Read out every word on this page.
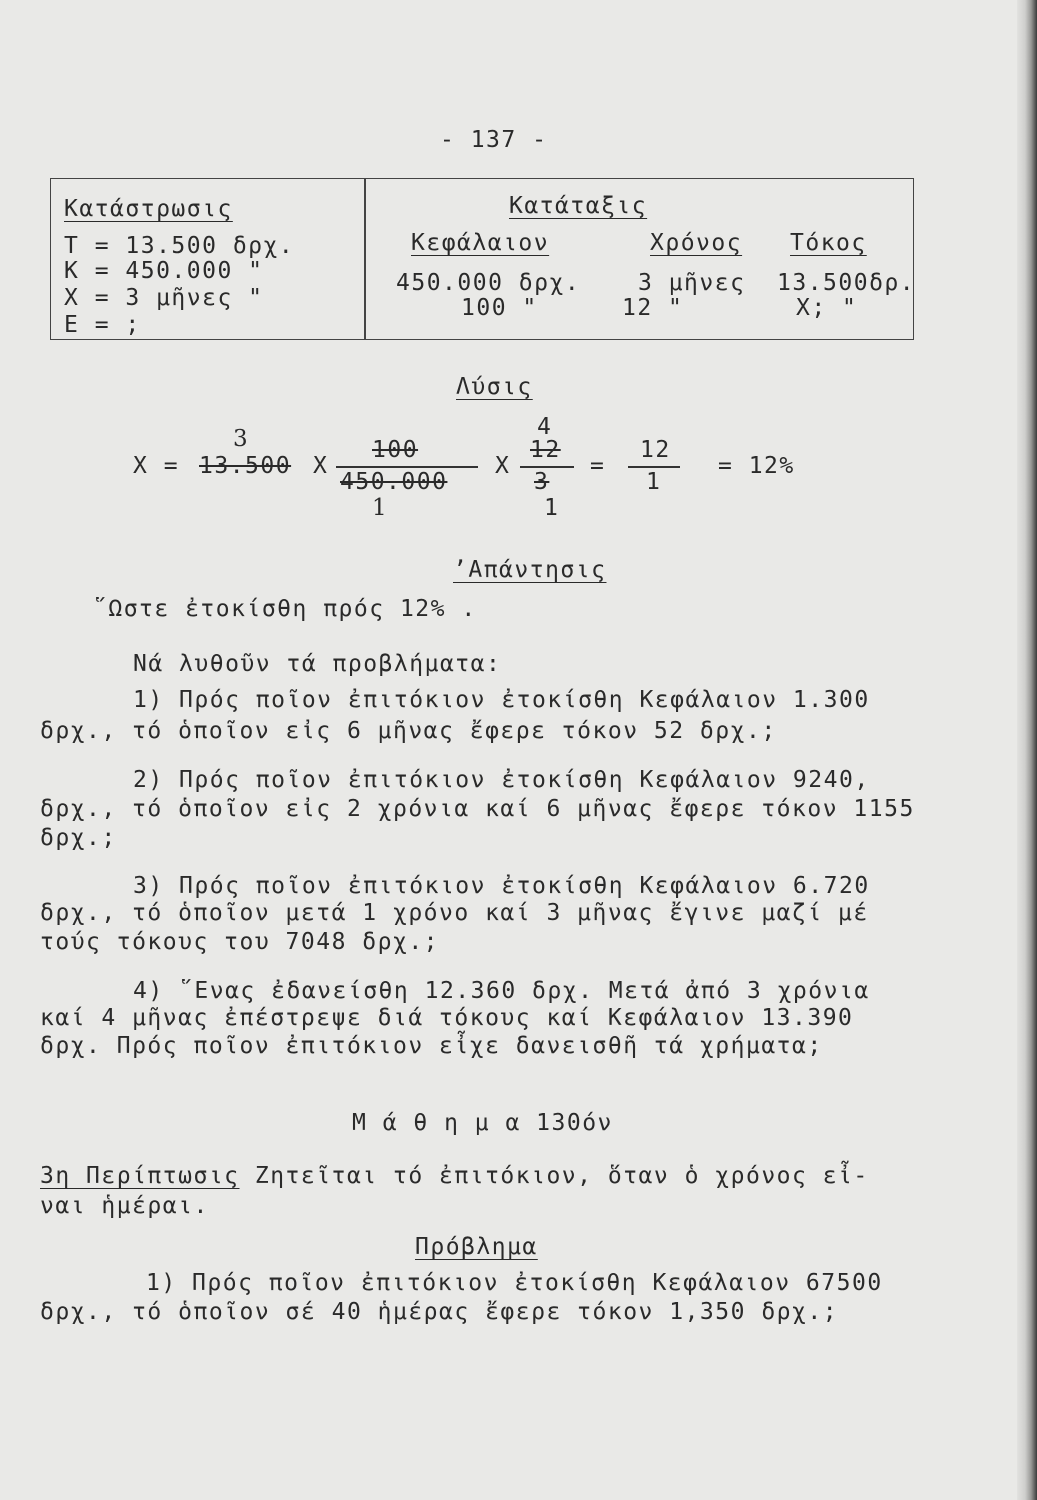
- 137 -
Κατάστρωσις
T = 13.500 δρχ.
K = 450.000 "
X = 3 μῆνες "
E = ;
Κατάταξις
Κεφάλαιον	Χρόνος Τόκος
450.000 δρχ.	3 μῆνες 13.500δρ.
100 "	12 "	X; "
Λύσις
X =
3
13.500 X
100
450.000
1
X
4
12
3
1
=
12
1
= 12%
ʼΑπάντησις
῞Ωστε ἐτοκίσθη πρός 12% .
Νά λυθοῦν τά προβλήματα:
1) Πρός ποῖον ἐπιτόκιον ἐτοκίσθη Κεφάλαιον 1.300
δρχ., τό ὁποῖον εἰς 6 μῆνας ἔφερε τόκον 52 δρχ.;
2) Πρός ποῖον ἐπιτόκιον ἐτοκίσθη Κεφάλαιον 9240,
δρχ., τό ὁποῖον εἰς 2 χρόνια καί 6 μῆνας ἔφερε τόκον 1155
δρχ.;
3) Πρός ποῖον ἐπιτόκιον ἐτοκίσθη Κεφάλαιον 6.720
δρχ., τό ὁποῖον μετά 1 χρόνο καί 3 μῆνας ἔγινε μαζί μέ
τούς τόκους του 7048 δρχ.;
4) ῞Ενας ἐδανείσθη 12.360 δρχ. Μετά ἀπό 3 χρόνια
καί 4 μῆνας ἐπέστρεψε διά τόκους καί Κεφάλαιον 13.390
δρχ. Πρός ποῖον ἐπιτόκιον εἶχε δανεισθῆ τά χρήματα;
Μ ά θ η μ α 130όν
3η Περίπτωσις Ζητεῖται τό ἐπιτόκιον, ὅταν ὁ χρόνος εἶ-
ναι ἡμέραι.
Πρόβλημα
1) Πρός ποῖον ἐπιτόκιον ἐτοκίσθη Κεφάλαιον 67500
δρχ., τό ὁποῖον σέ 40 ἡμέρας ἔφερε τόκον 1,350 δρχ.;
